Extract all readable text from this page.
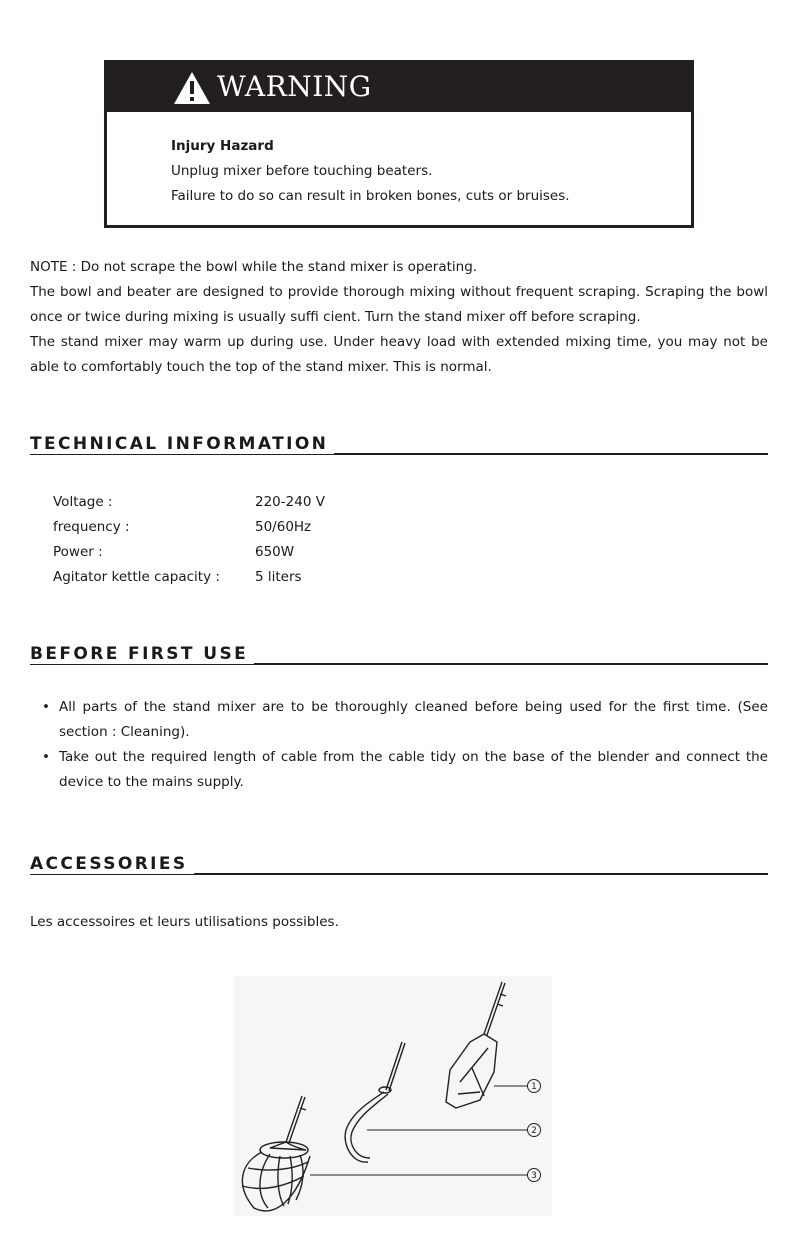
WARNING
Injury Hazard
Unplug mixer before touching beaters.
Failure to do so can result in broken bones, cuts or bruises.

NOTE : Do not scrape the bowl while the stand mixer is operating.

The bowl and beater are designed to provide thorough mixing without frequent scraping. Scraping the bowl once or twice during mixing is usually suffi cient. Turn the stand mixer off before scraping.

The stand mixer may warm up during use. Under heavy load with extended mixing time, you may not be able to comfortably touch the top of the stand mixer. This is normal.

TECHNICAL INFORMATION
Voltage :	220-240 V
frequency :	50/60Hz
Power :	650W
Agitator kettle capacity :	5 liters
BEFORE FIRST USE
• All parts of the stand mixer are to be thoroughly cleaned before being used for the first time. (See section : Cleaning).
• Take out the required length of cable from the cable tidy on the base of the blender and connect the device to the mains supply.
ACCESSORIES
Les accessoires et leurs utilisations possibles.
1
2
3
